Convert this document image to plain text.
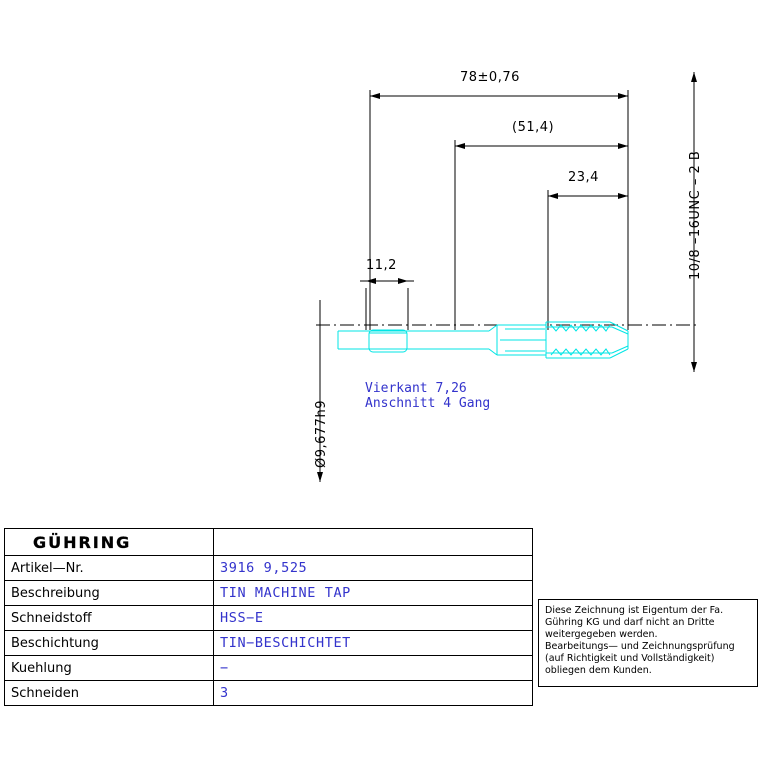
78±0,76
(51,4)
23,4
11,2	10/8 –16UNC – 2 B
Ø9,677h9
Vierkant 7,26
Anschnitt 4 Gang
GÜHRING	
Artikel—Nr.	3916 9,525
Beschreibung	TIN MACHINE TAP
Schneidstoff	HSS−E
Beschichtung	TIN−BESCHICHTET
Kuehlung	−
Schneiden	3
Diese Zeichnung ist Eigentum der Fa.
Gühring KG und darf nicht an Dritte
weitergegeben werden.
Bearbeitungs— und Zeichnungsprüfung
(auf Richtigkeit und Vollständigkeit)
obliegen dem Kunden.
